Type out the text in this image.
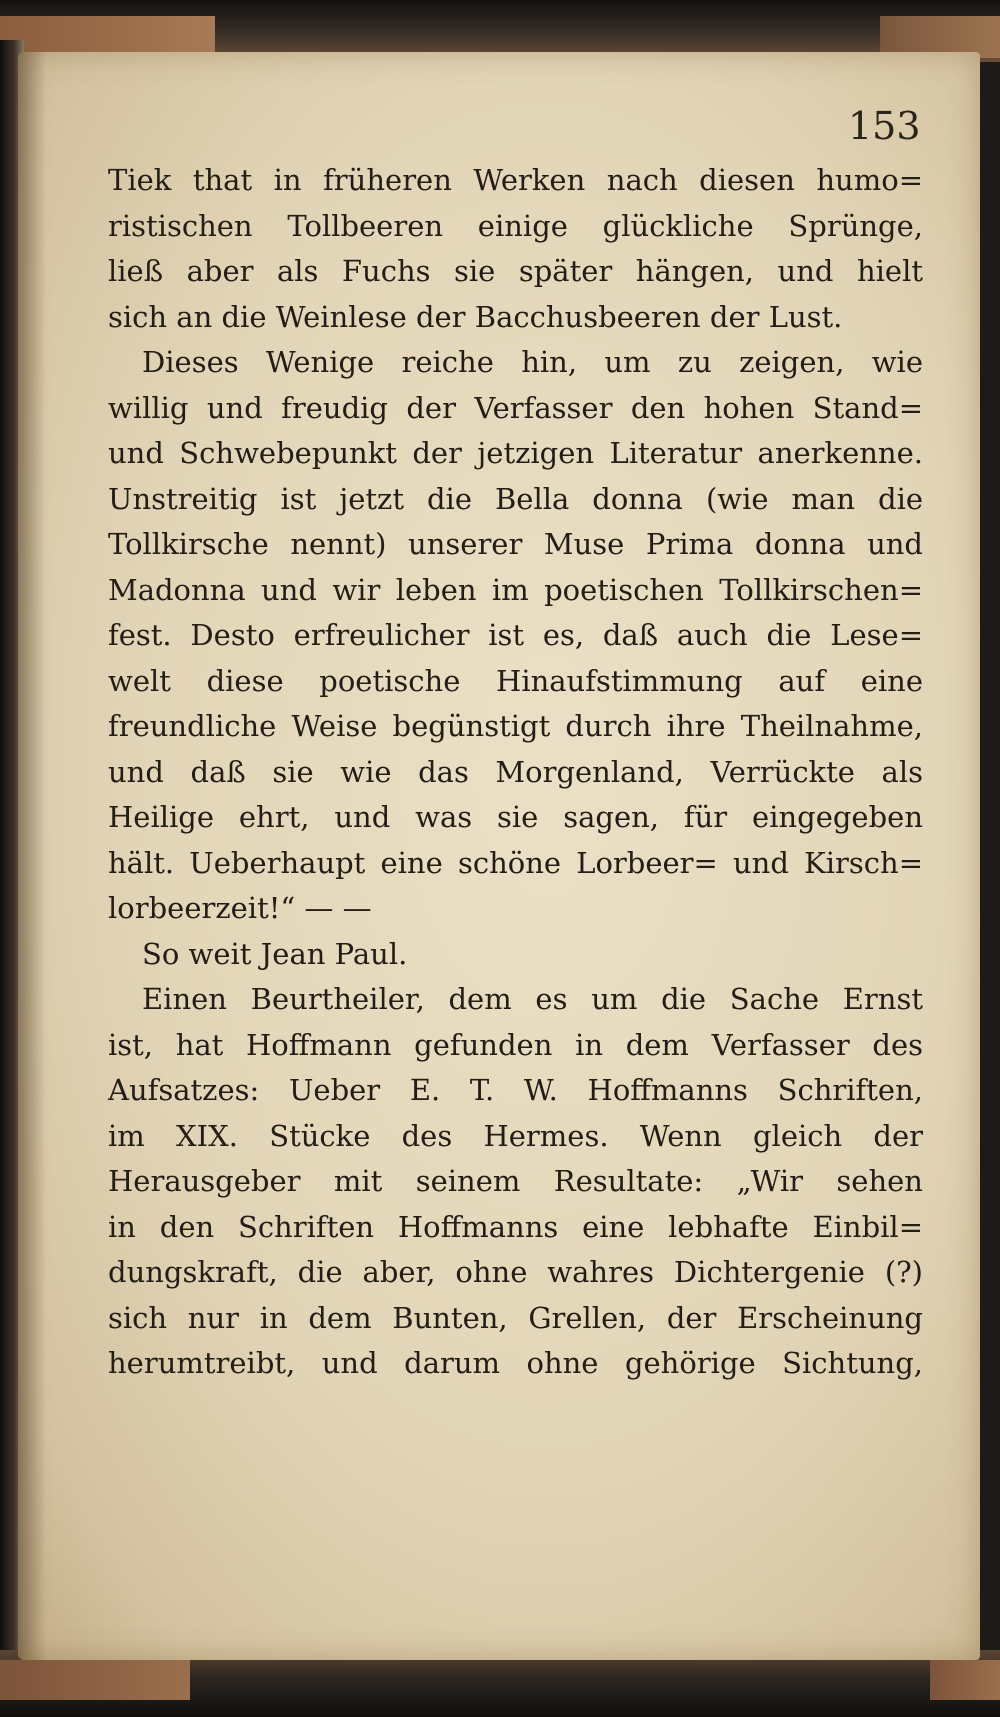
153
Tiek that in früheren Werken nach diesen humo=
ristischen Tollbeeren einige glückliche Sprünge,
ließ aber als Fuchs sie später hängen, und hielt
sich an die Weinlese der Bacchusbeeren der Lust.
Dieses Wenige reiche hin, um zu zeigen, wie
willig und freudig der Verfasser den hohen Stand=
und Schwebepunkt der jetzigen Literatur anerkenne.
Unstreitig ist jetzt die Bella donna (wie man die
Tollkirsche nennt) unserer Muse Prima donna und
Madonna und wir leben im poetischen Tollkirschen=
fest. Desto erfreulicher ist es, daß auch die Lese=
welt diese poetische Hinaufstimmung auf eine
freundliche Weise begünstigt durch ihre Theilnahme,
und daß sie wie das Morgenland, Verrückte als
Heilige ehrt, und was sie sagen, für eingegeben
hält. Ueberhaupt eine schöne Lorbeer= und Kirsch=
lorbeerzeit!“ — —
So weit Jean Paul.
Einen Beurtheiler, dem es um die Sache Ernst
ist, hat Hoffmann gefunden in dem Verfasser des
Aufsatzes: Ueber E. T. W. Hoffmanns Schriften,
im XIX. Stücke des Hermes. Wenn gleich der
Herausgeber mit seinem Resultate: „Wir sehen
in den Schriften Hoffmanns eine lebhafte Einbil=
dungskraft, die aber, ohne wahres Dichtergenie (?)
sich nur in dem Bunten, Grellen, der Erscheinung
herumtreibt, und darum ohne gehörige Sichtung,
